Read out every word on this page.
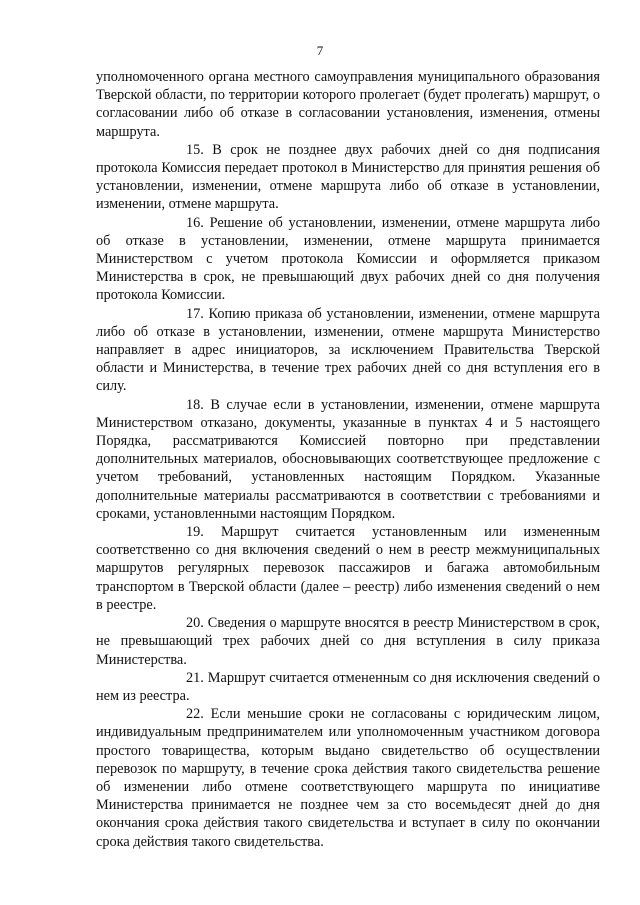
7

уполномоченного органа местного самоуправления муниципального образования Тверской области, по территории которого пролегает (будет пролегать) маршрут, о согласовании либо об отказе в согласовании установления, изменения, отмены маршрута.

15. В срок не позднее двух рабочих дней со дня подписания протокола Комиссия передает протокол в Министерство для принятия решения об установлении, изменении, отмене маршрута либо об отказе в установлении, изменении, отмене маршрута.

16. Решение об установлении, изменении, отмене маршрута либо об отказе в установлении, изменении, отмене маршрута принимается Министерством с учетом протокола Комиссии и оформляется приказом Министерства в срок, не превышающий двух рабочих дней со дня получения протокола Комиссии.

17. Копию приказа об установлении, изменении, отмене маршрута либо об отказе в установлении, изменении, отмене маршрута Министерство направляет в адрес инициаторов, за исключением Правительства Тверской области и Министерства, в течение трех рабочих дней со дня вступления его в силу.

18. В случае если в установлении, изменении, отмене маршрута Министерством отказано, документы, указанные в пунктах 4 и 5 настоящего Порядка, рассматриваются Комиссией повторно при представлении дополнительных материалов, обосновывающих соответствующее предложение с учетом требований, установленных настоящим Порядком. Указанные дополнительные материалы рассматриваются в соответствии с требованиями и сроками, установленными настоящим Порядком.

19. Маршрут считается установленным или измененным соответственно со дня включения сведений о нем в реестр межмуниципальных маршрутов регулярных перевозок пассажиров и багажа автомобильным транспортом в Тверской области (далее – реестр) либо изменения сведений о нем в реестре.

20. Сведения о маршруте вносятся в реестр Министерством в срок, не превышающий трех рабочих дней со дня вступления в силу приказа Министерства.

21. Маршрут считается отмененным со дня исключения сведений о нем из реестра.

22. Если меньшие сроки не согласованы с юридическим лицом, индивидуальным предпринимателем или уполномоченным участником договора простого товарищества, которым выдано свидетельство об осуществлении перевозок по маршруту, в течение срока действия такого свидетельства решение об изменении либо отмене соответствующего маршрута по инициативе Министерства принимается не позднее чем за сто восемьдесят дней до дня окончания срока действия такого свидетельства и вступает в силу по окончании срока действия такого свидетельства.
